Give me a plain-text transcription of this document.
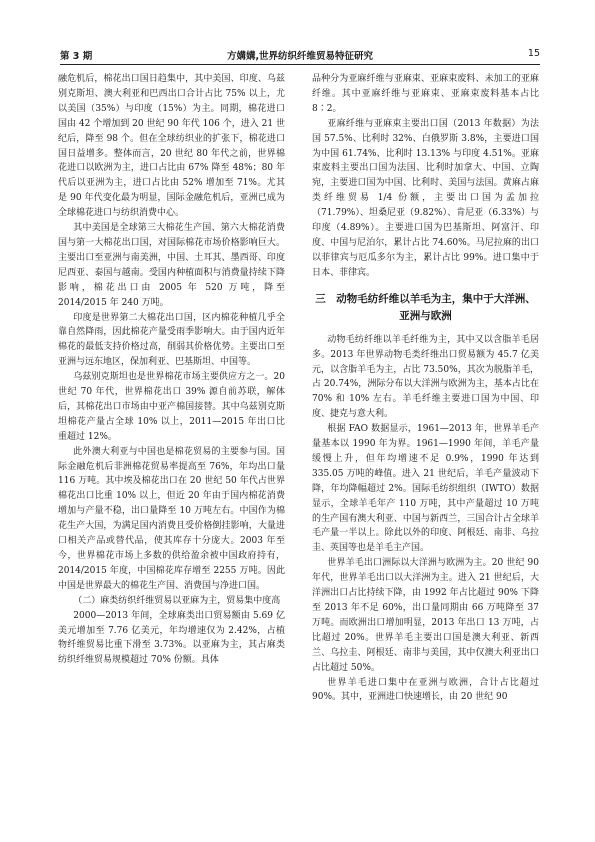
第 3 期	方媾媾,世界纺织纤维贸易特征研究	15

融危机后，棉花出口国日趋集中，其中美国、印度、乌兹别克斯坦、澳大利亚和巴西出口合计占比 75% 以上，尤以美国（35%）与印度（15%）为主。同期，棉花进口国由 42 个增加到 20 世纪 90 年代 106 个，进入 21 世纪后，降至 98 个。但在全球纺织业的扩张下，棉花进口国日益增多。整体而言，20 世纪 80 年代之前，世界棉花进口以欧洲为主，进口占比由 67% 降至 48%；80 年代后以亚洲为主，进口占比由 52% 增加至 71%。尤其是 90 年代变化最为明显，国际金融危机后，亚洲已成为全球棉花进口与纺织消费中心。

其中美国是全球第三大棉花生产国、第六大棉花消费国与第一大棉花出口国，对国际棉花市场价格影响巨大。主要出口至亚洲与南美洲，中国、土耳其、墨西哥、印度尼西亚、泰国与越南。受国内种植面积与消费量持续下降影响，棉花出口由 2005 年 520 万吨，降至 2014/2015 年 240 万吨。

印度是世界第二大棉花出口国，区内棉花种植几乎全靠自然降雨，因此棉花产量受雨季影响大。由于国内近年棉花的最低支持价格过高，削弱其价格优势。主要出口至亚洲与远东地区，保加利亚、巴基斯坦、中国等。

乌兹别克斯坦也是世界棉花市场主要供应方之一。20 世纪 70 年代，世界棉花出口 39% 源自前苏联，解体后，其棉花出口市场由中亚产棉国接替。其中乌兹别克斯坦棉花产量占全球 10% 以上，2011—2015 年出口比重超过 12%。

此外澳大利亚与中国也是棉花贸易的主要参与国。国际金融危机后非洲棉花贸易率提高至 76%，年均出口量 116 万吨。其中埃及棉花出口在 20 世纪 50 年代占世界棉花出口比重 10% 以上，但近 20 年由于国内棉花消费增加与产量不稳，出口量降至 10 万吨左右。中国作为棉花生产大国，为满足国内消费且受价格倒挂影响，大量进口相关产品或替代品，使其库存十分庞大。2003 年至今，世界棉花市场上多数的供给盈余被中国政府持有，2014/2015 年度，中国棉花库存增至 2255 万吨。因此中国是世界最大的棉花生产国、消费国与净进口国。

（二）麻类纺织纤维贸易以亚麻为主，贸易集中度高

2000—2013 年间，全球麻类出口贸易额由 5.69 亿美元增加至 7.76 亿美元，年均增速仅为 2.42%，占植物纤维贸易比重下滑至 3.73%。以亚麻为主，其占麻类纺织纤维贸易规模超过 70% 份额。具体

品种分为亚麻纤维与亚麻束、亚麻束废料、未加工的亚麻纤维。其中亚麻纤维与亚麻束、亚麻束废料基本占比 8∶2。

亚麻纤维与亚麻束主要出口国（2013 年数据）为法国 57.5%、比利时 32%、白俄罗斯 3.8%，主要进口国为中国 61.74%、比利时 13.13% 与印度 4.51%。亚麻束废料主要出口国为法国、比利时加拿大、中国、立陶宛，主要进口国为中国、比利时、美国与法国。黄麻占麻类纤维贸易 1/4 份额，主要出口国为孟加拉（71.79%）、坦桑尼亚（9.82%）、肯尼亚（6.33%）与印度（4.89%）。主要进口国为巴基斯坦、阿富汗、印度、中国与尼泊尔，累计占比 74.60%。马尼拉麻的出口以菲律宾与厄瓜多尔为主，累计占比 99%。进口集中于日本、菲律宾。

三　动物毛纺纤维以羊毛为主，集中于大洋洲、亚洲与欧洲

动物毛纺纤维以羊毛纤维为主，其中又以含脂羊毛居多。2013 年世界动物毛类纤维出口贸易额为 45.7 亿美元，以含脂羊毛为主，占比 73.50%，其次为脱脂羊毛，占 20.74%，洲际分布以大洋洲与欧洲为主，基本占比在 70% 和 10% 左右。羊毛纤维主要进口国为中国、印度、捷克与意大利。

根据 FAO 数据显示，1961—2013 年，世界羊毛产量基本以 1990 年为界。1961—1990 年间，羊毛产量缓慢上升，但年均增速不足 0.9%，1990 年达到 335.05 万吨的峰值。进入 21 世纪后，羊毛产量波动下降，年均降幅超过 2%。国际毛纺织组织（IWTO）数据显示，全球羊毛年产 110 万吨，其中产量超过 10 万吨的生产国有澳大利亚、中国与新西兰，三国合计占全球羊毛产量一半以上。除此以外的印度、阿根廷、南非、乌拉圭、英国等也是羊毛主产国。

世界羊毛出口洲际以大洋洲与欧洲为主。20 世纪 90 年代，世界羊毛出口以大洋洲为主。进入 21 世纪后，大洋洲出口占比持续下降，由 1992 年占比超过 90% 下降至 2013 年不足 60%，出口量同期由 66 万吨降至 37 万吨。而欧洲出口增加明显，2013 年出口 13 万吨，占比超过 20%。世界羊毛主要出口国是澳大利亚、新西兰、乌拉圭、阿根廷、南非与美国，其中仅澳大利亚出口占比超过 50%。

世界羊毛进口集中在亚洲与欧洲，合计占比超过 90%。其中，亚洲进口快速增长，由 20 世纪 90
